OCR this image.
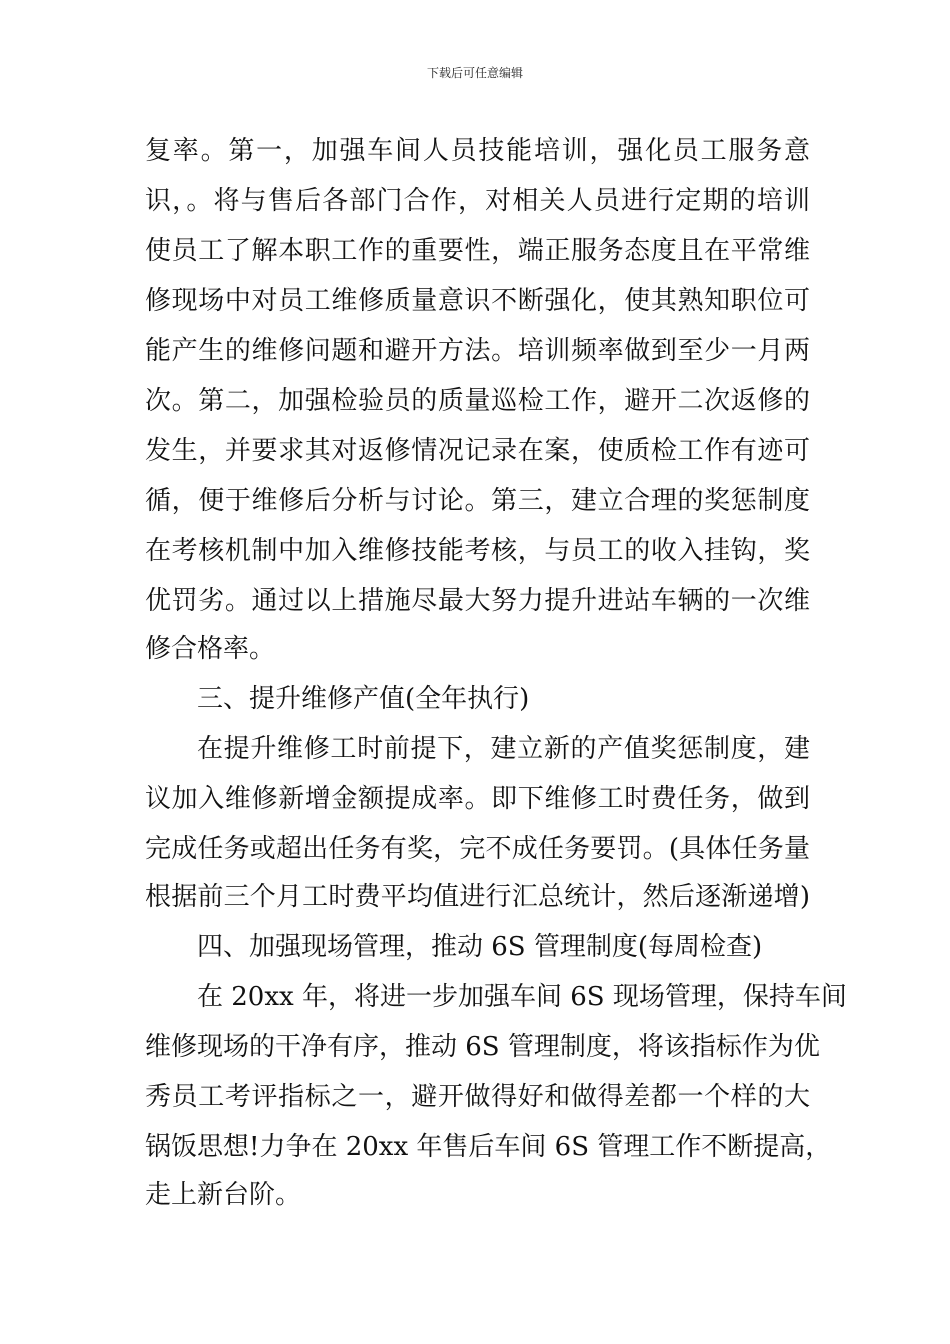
下载后可任意编辑
复率。第一，加强车间人员技能培训，强化员工服务意
识，。将与售后各部门合作，对相关人员进行定期的培训
使员工了解本职工作的重要性，端正服务态度且在平常维
修现场中对员工维修质量意识不断强化，使其熟知职位可
能产生的维修问题和避开方法。培训频率做到至少一月两
次。第二，加强检验员的质量巡检工作，避开二次返修的
发生，并要求其对返修情况记录在案，使质检工作有迹可
循，便于维修后分析与讨论。第三，建立合理的奖惩制度
在考核机制中加入维修技能考核，与员工的收入挂钩，奖
优罚劣。通过以上措施尽最大努力提升进站车辆的一次维
修合格率。
三、提升维修产值(全年执行)
在提升维修工时前提下，建立新的产值奖惩制度，建
议加入维修新增金额提成率。即下维修工时费任务，做到
完成任务或超出任务有奖，完不成任务要罚。(具体任务量
根据前三个月工时费平均值进行汇总统计，然后逐渐递增)
四、加强现场管理，推动 6S 管理制度(每周检查)
在 20xx 年，将进一步加强车间 6S 现场管理，保持车间
维修现场的干净有序，推动 6S 管理制度，将该指标作为优
秀员工考评指标之一，避开做得好和做得差都一个样的大
锅饭思想!力争在 20xx 年售后车间 6S 管理工作不断提高，
走上新台阶。
